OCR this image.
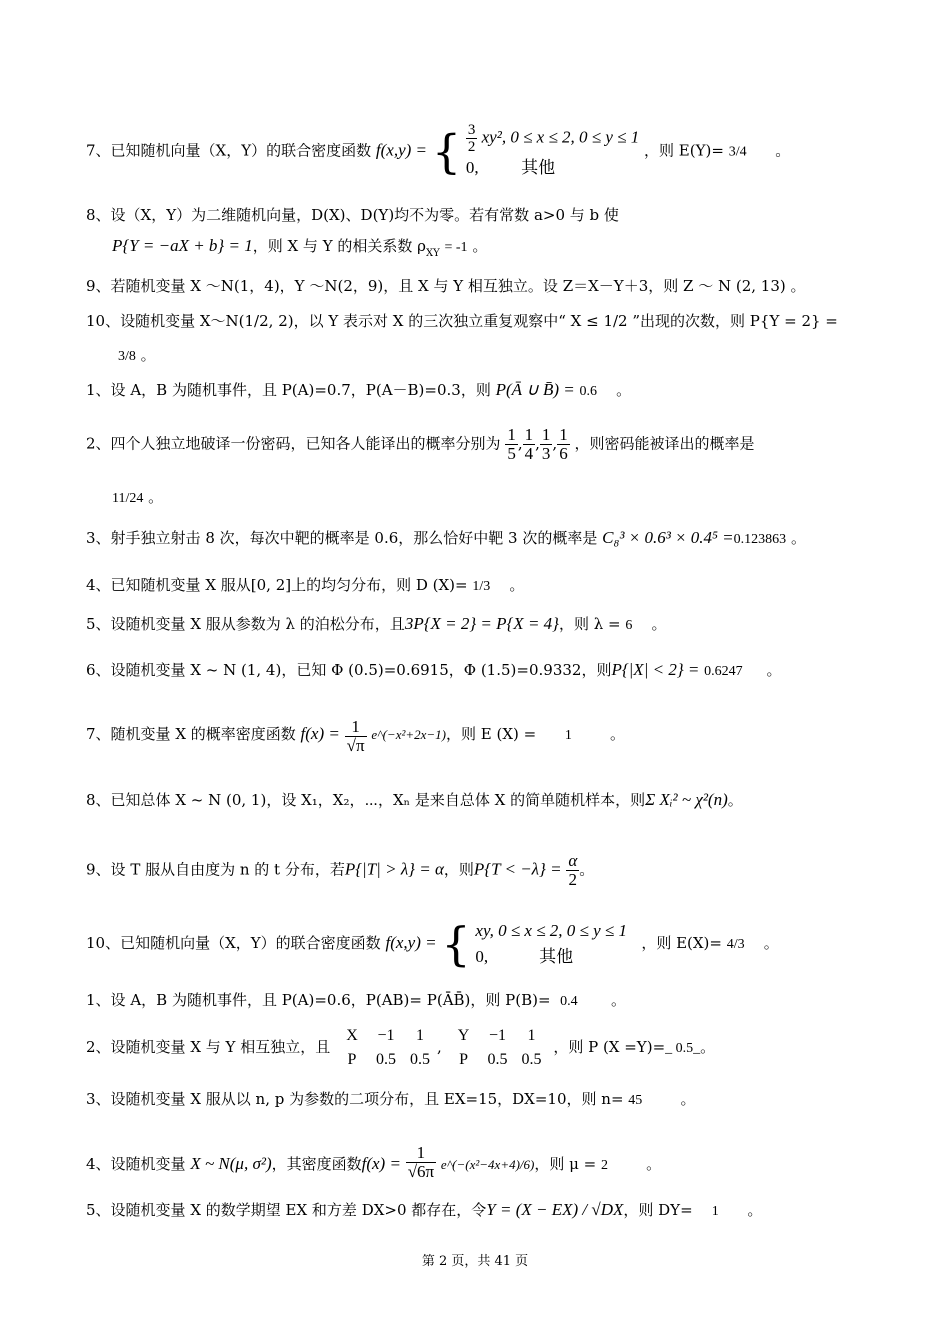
7、已知随机向量（X，Y）的联合密度函数 f(x,y) = { $\frac{3}{2} xy^2$, 0 ≤ x ≤ 2, 0 ≤ y ≤ 1
0,	其他
，则 E(Y)= 3/4 。
8、设（X，Y）为二维随机向量，D(X)、D(Y)均不为零。若有常数 a>0 与 b 使
P{Y = −aX + b} = 1，则 X 与 Y 的相关系数 $\rho_{XY} = -1$ 。
9、若随机变量 X ～N(1，4)，Y ～N(2，9)，且 X 与 Y 相互独立。设 Z＝X－Y＋3，则 Z ～ N (2, 13) 。
10、设随机变量 X～N(1/2, 2)，以 Y 表示对 X 的三次独立重复观察中“ X ≤ 1/2 ”出现的次数，则 P{Y = 2} =
3/8 。
1、设 A，B 为随机事件，且 P(A)=0.7，P(A－B)=0.3，则 P(Ā ∪ B̄) = 0.6 。
2、四个人独立地破译一份密码，已知各人能译出的概率分别为 $\frac{1}{5}$ , $\frac{1}{4}$ , $\frac{1}{3}$ , $\frac{1}{6}$ ，则密码能被译出的概率是
11/24 。
3、射手独立射击 8 次，每次中靶的概率是 0.6，那么恰好中靶 3 次的概率是 C₈³ × 0.6³ × 0.4⁵ =0.123863 。
4、已知随机变量 X 服从[0, 2]上的均匀分布，则 D (X)= 1/3 。
5、设随机变量 X 服从参数为 λ 的泊松分布，且3P{X = 2} = P{X = 4}，则 λ = 6 。
6、设随机变量 X ~ N (1, 4)，已知 Φ (0.5)=0.6915，Φ (1.5)=0.9332，则P{|X| < 2} = 0.6247 。
7、随机变量 X 的概率密度函数 $f(x) = \frac{1}{√\pi}$ e^(−x²+2x−1)，则 E (X) = 1	。
8、已知总体 X ~ N (0, 1)，设 X₁，X₂，⋯，Xₙ 是来自总体 X 的简单随机样本，则Σ Xᵢ² ~ χ²(n)。
9、设 T 服从自由度为 n 的 t 分布，若P{|T| > λ} = α，则$P\{T < -\lambda\} = \frac{\alpha}{2}$ 。
10、已知随机向量（X，Y）的联合密度函数 f(x,y) = { xy, 0 ≤ x ≤ 2, 0 ≤ y ≤ 1
0,	其他
，则 E(X)= 4/3 。
1、设 A，B 为随机事件，且 P(A)=0.6，P(AB)= P(ĀB̄)，则 P(B)= 0.4 。
2、设随机变量 X 与 Y 相互独立，且
X −1 1
P 0.5 0.5
,
Y −1 1
P 0.5 0.5
，则 P (X =Y)=_ 0.5_。
3、设随机变量 X 服从以 n, p 为参数的二项分布，且 EX=15，DX=10，则 n= 45	。
4、设随机变量 X ~ N(μ, σ²)，其密度函数$f(x) = \frac{1}{√6\pi}$ e^(−(x²−4x+4)/6)，则 μ = 2	。
5、设随机变量 X 的数学期望 EX 和方差 DX>0 都存在，令Y = (X − EX) / √DX，则 DY= 1 。
第 2 页，共 41 页
